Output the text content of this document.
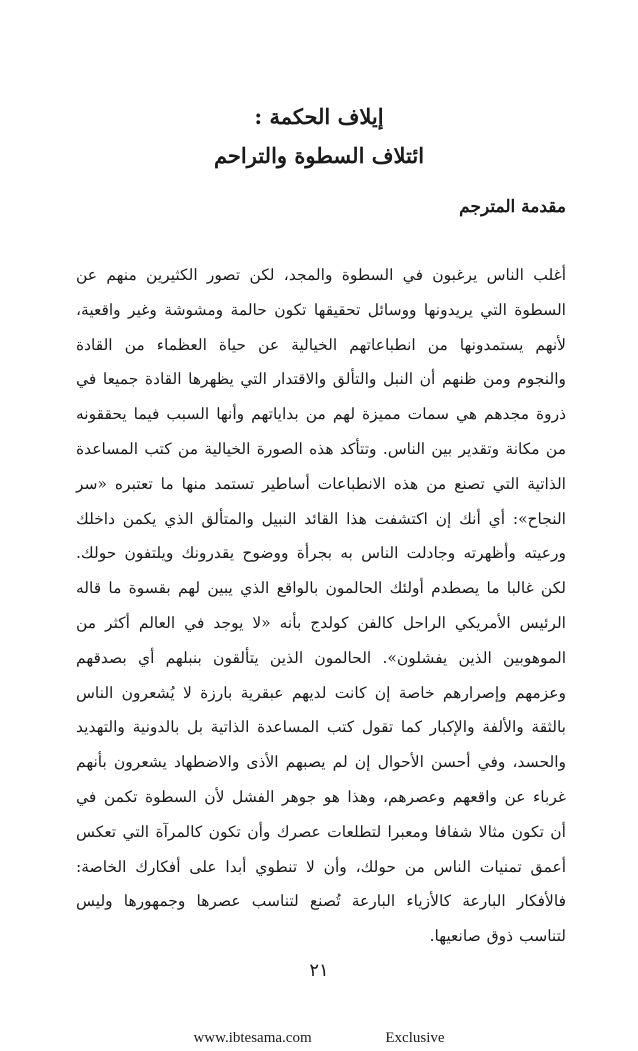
إيلاف الحكمة :
ائتلاف السطوة والتراحم
مقدمة المترجم

أغلب الناس يرغبون في السطوة والمجد، لكن تصور الكثيرين منهم عن السطوة التي يريدونها ووسائل تحقيقها تكون حالمة ومشوشة وغير واقعية، لأنهم يستمدونها من انطباعاتهم الخيالية عن حياة العظماء من القادة والنجوم ومن ظنهم أن النبل والتألق والاقتدار التي يظهرها القادة جميعا في ذروة مجدهم هي سمات مميزة لهم من بداياتهم وأنها السبب فيما يحققونه من مكانة وتقدير بين الناس. وتتأكد هذه الصورة الخيالية من كتب المساعدة الذاتية التي تصنع من هذه الانطباعات أساطير تستمد منها ما تعتبره «سر النجاح»: أي أنك إن اكتشفت هذا القائد النبيل والمتألق الذي يكمن داخلك ورعيته وأظهرته وجادلت الناس به بجرأة ووضوح يقدرونك ويلتفون حولك. لكن غالبا ما يصطدم أولئك الحالمون بالواقع الذي يبين لهم بقسوة ما قاله الرئيس الأمريكي الراحل كالفن كولدج بأنه «لا يوجد في العالم أكثر من الموهوبين الذين يفشلون». الحالمون الذين يتألقون بنبلهم أي بصدقهم وعزمهم وإصرارهم خاصة إن كانت لديهم عبقرية بارزة لا يُشعرون الناس بالثقة والألفة والإكبار كما تقول كتب المساعدة الذاتية بل بالدونية والتهديد والحسد، وفي أحسن الأحوال إن لم يصبهم الأذى والاضطهاد يشعرون بأنهم غرباء عن واقعهم وعصرهم، وهذا هو جوهر الفشل لأن السطوة تكمن في أن تكون مثالا شفافا ومعبرا لتطلعات عصرك وأن تكون كالمرآة التي تعكس أعمق تمنيات الناس من حولك، وأن لا تنطوي أبدا على أفكارك الخاصة: فالأفكار البارعة كالأزياء البارعة تُصنع لتناسب عصرها وجمهورها وليس لتناسب ذوق صانعيها.

٢١
www.ibtesama.com	Exclusive
